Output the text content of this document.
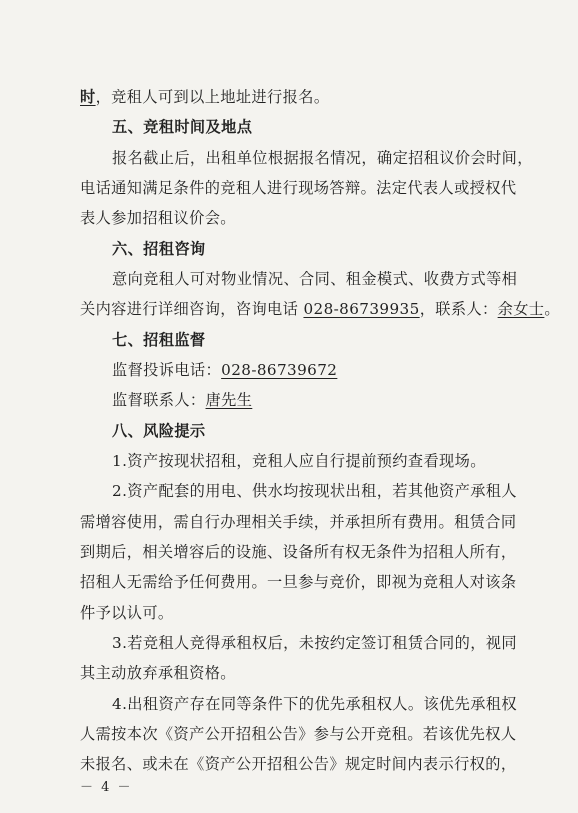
时，竞租人可到以上地址进行报名。
五、竞租时间及地点
报名截止后，出租单位根据报名情况，确定招租议价会时间，
电话通知满足条件的竞租人进行现场答辩。法定代表人或授权代
表人参加招租议价会。
六、招租咨询
意向竞租人可对物业情况、合同、租金模式、收费方式等相
关内容进行详细咨询，咨询电话 028-86739935，联系人：余女士。
七、招租监督
监督投诉电话：028-86739672
监督联系人：唐先生
八、风险提示
1.资产按现状招租，竞租人应自行提前预约查看现场。
2.资产配套的用电、供水均按现状出租，若其他资产承租人
需增容使用，需自行办理相关手续，并承担所有费用。租赁合同
到期后，相关增容后的设施、设备所有权无条件为招租人所有，
招租人无需给予任何费用。一旦参与竞价，即视为竞租人对该条
件予以认可。
3.若竞租人竞得承租权后，未按约定签订租赁合同的，视同
其主动放弃承租资格。
4.出租资产存在同等条件下的优先承租权人。该优先承租权
人需按本次《资产公开招租公告》参与公开竞租。若该优先权人
未报名、或未在《资产公开招租公告》规定时间内表示行权的，
－ 4 －
